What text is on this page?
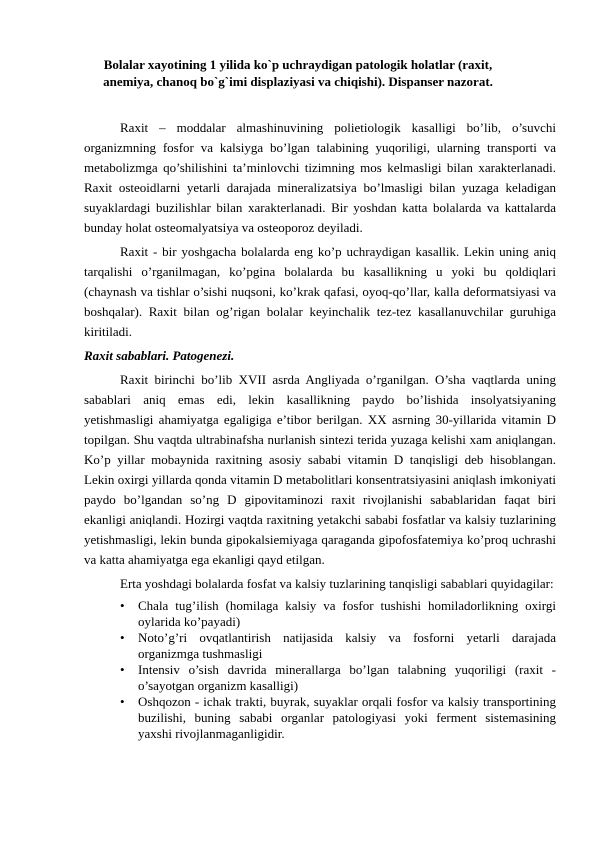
Bolalar xayotining 1 yilida ko`p uchraydigan patologik holatlar (raxit, anemiya, chanoq bo`g`imi displaziyasi va chiqishi). Dispanser nazorat.

Raxit – moddalar almashinuvining polietiologik kasalligi bo’lib, o’suvchi organizmning fosfor va kalsiyga bo’lgan talabining yuqoriligi, ularning transporti va metabolizmga qo’shilishini ta’minlovchi tizimning mos kelmasligi bilan xarakterlanadi. Raxit osteoidlarni yetarli darajada mineralizatsiya bo’lmasligi bilan yuzaga keladigan suyaklardagi buzilishlar bilan xarakterlanadi. Bir yoshdan katta bolalarda va kattalarda bunday holat osteomalyatsiya va osteoporoz deyiladi.

Raxit - bir yoshgacha bolalarda eng ko’p uchraydigan kasallik. Lekin uning aniq tarqalishi o’rganilmagan, ko’pgina bolalarda bu kasallikning u yoki bu qoldiqlari (chaynash va tishlar o’sishi nuqsoni, ko’krak qafasi, oyoq-qo’llar, kalla deformatsiyasi va boshqalar). Raxit bilan og’rigan bolalar keyinchalik tez-tez kasallanuvchilar guruhiga kiritiladi.

Raxit sabablari. Patogenezi.

Raxit birinchi bo’lib XVII asrda Angliyada o’rganilgan. O’sha vaqtlarda uning sabablari aniq emas edi, lekin kasallikning paydo bo’lishida insolyatsiyaning yetishmasligi ahamiyatga egaligiga e’tibor berilgan. XX asrning 30-yillarida vitamin D topilgan. Shu vaqtda ultrabinafsha nurlanish sintezi terida yuzaga kelishi xam aniqlangan. Ko’p yillar mobaynida raxitning asosiy sababi vitamin D tanqisligi deb hisoblangan. Lekin oxirgi yillarda qonda vitamin D metabolitlari konsentratsiyasini aniqlash imkoniyati paydo bo’lgandan so’ng D gipovitaminozi raxit rivojlanishi sabablaridan faqat biri ekanligi aniqlandi. Hozirgi vaqtda raxitning yetakchi sababi fosfatlar va kalsiy tuzlarining yetishmasligi, lekin bunda gipokalsiemiyaga qaraganda gipofosfatemiya ko’proq uchrashi va katta ahamiyatga ega ekanligi qayd etilgan.

Erta yoshdagi bolalarda fosfat va kalsiy tuzlarining tanqisligi sabablari quyidagilar:

• Chala tug’ilish (homilaga kalsiy va fosfor tushishi homiladorlikning oxirgi oylarida ko’payadi)
• Noto’g’ri ovqatlantirish natijasida kalsiy va fosforni yetarli darajada organizmga tushmasligi
• Intensiv o’sish davrida minerallarga bo’lgan talabning yuqoriligi (raxit - o’sayotgan organizm kasalligi)
• Oshqozon - ichak trakti, buyrak, suyaklar orqali fosfor va kalsiy transportining buzilishi, buning sababi organlar patologiyasi yoki ferment sistemasining yaxshi rivojlanmaganligidir.
